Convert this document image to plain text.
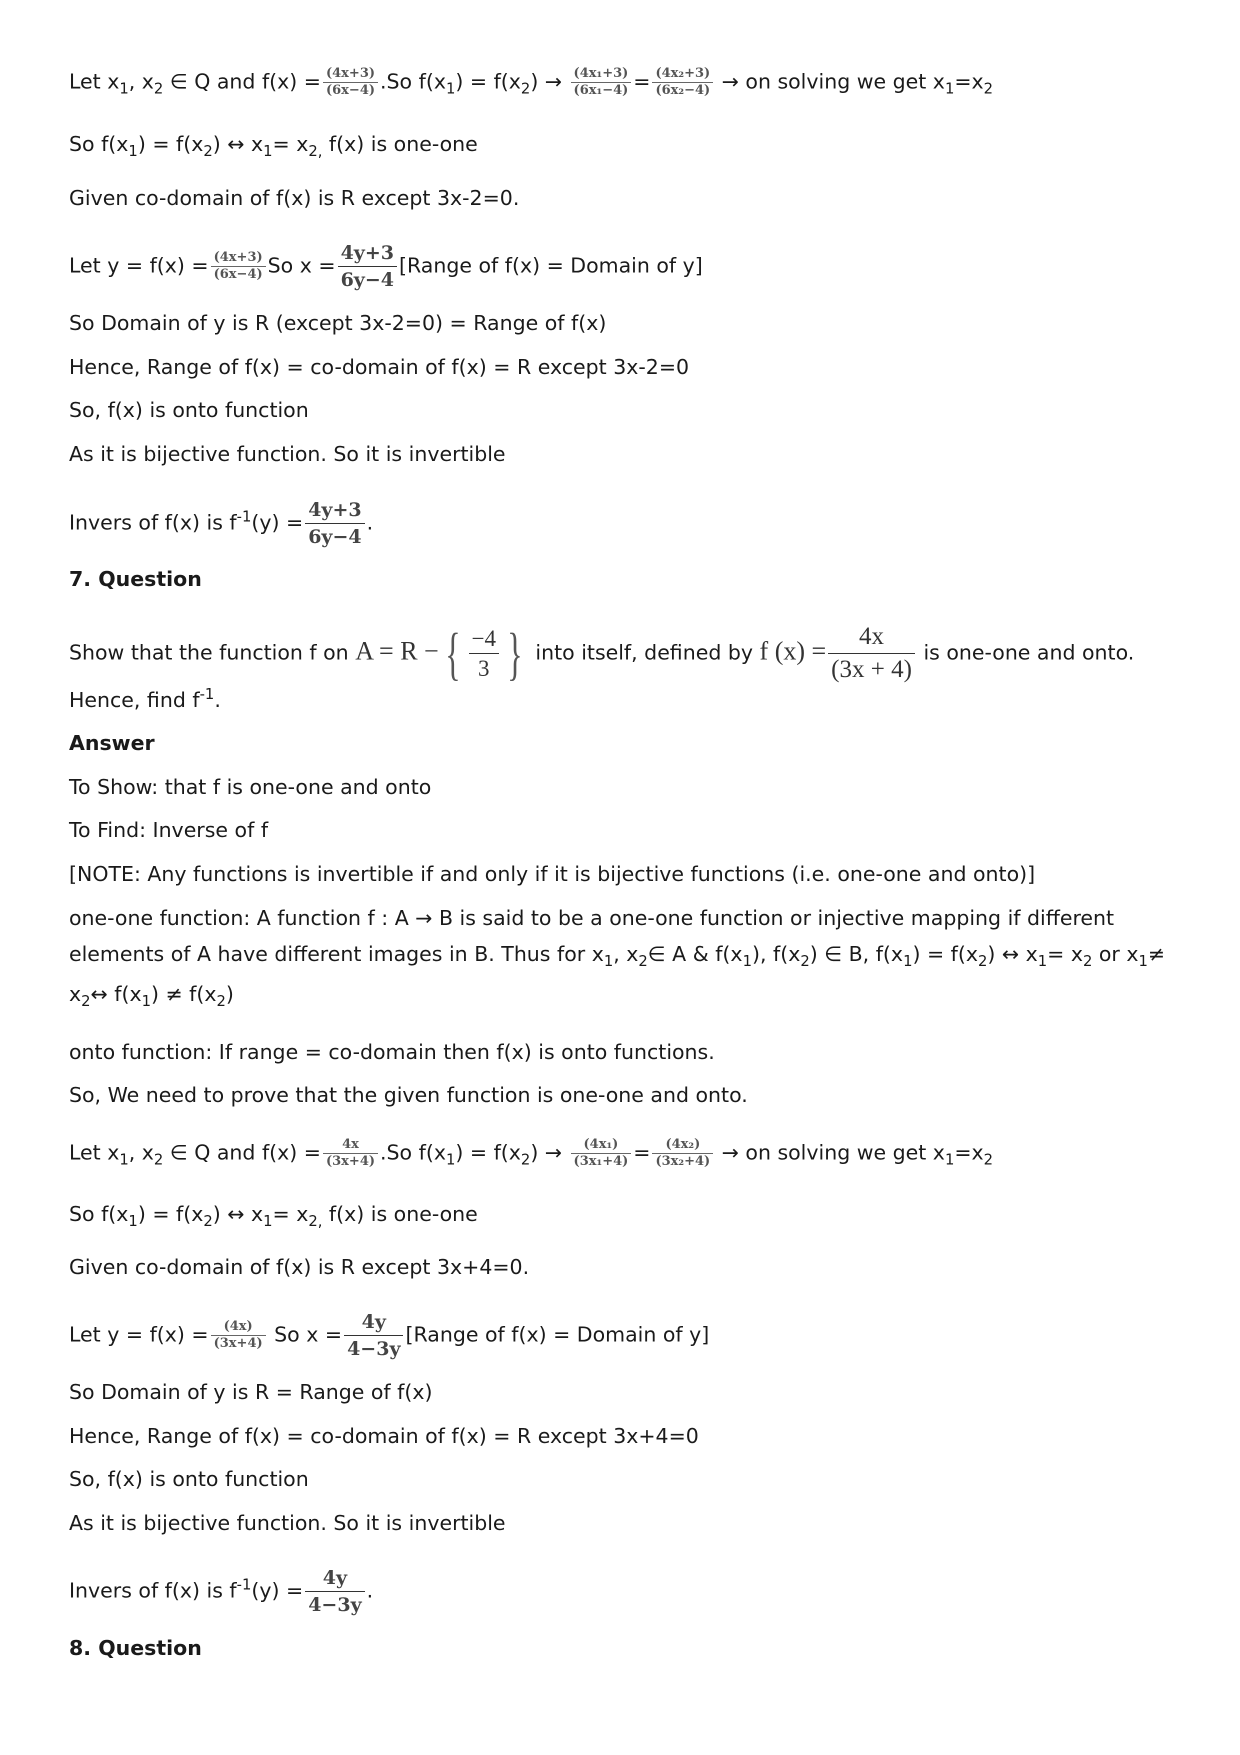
Let $x_1$, $x_2$ ∈ Q and $f(x) = \frac{(4x+3)}{(6x-4)} .So$ $f(x_1) = f(x_2) \to \frac{\text{(4x₁+3)}}{\text{(6x₁−4)}} = \frac{\text{(4x₂+3)}}{\text{(6x₂−4)}}$ → on solving we get $x_1=x_2$
So $f(x_1) = f(x_2)$ ↔ $x_1= x_{2,}$ f(x) is one-one
Given co-domain of f(x) is R except 3x-2=0.
Let $y = f(x) = \frac{(4x+3)}{(6x-4)}$ So $x = \frac{4y+3}{6y-4}$ [Range of f(x) = Domain of y]
So Domain of y is R (except 3x-2=0) = Range of f(x)
Hence, Range of f(x) = co-domain of f(x) = R except 3x-2=0
So, f(x) is onto function
As it is bijective function. So it is invertible
Invers of f(x) is $f^{-1}(y) = \frac{4y+3}{6y-4}$ .
7. Question
Show that the function f on A = R − { $\frac{-4}{3}$ } into itself, defined by f $(x) = \frac{4x}{(3x + 4)}$ is one-one and onto.
Hence, find $f^{-1}$.
Answer
To Show: that f is one-one and onto
To Find: Inverse of f
[NOTE: Any functions is invertible if and only if it is bijective functions (i.e. one-one and onto)]
one-one function: A function f : A → B is said to be a one-one function or injective mapping if different
elements of A have different images in B. Thus for $x_1$, $x_2\in$ A & $f(x_1)$, $f(x_2)$ ∈ B, $f(x_1) = f(x_2)$ ↔ $x_1= x_2$ or $x_1\ne$
$x_2\leftrightarrow$ $f(x_1) \ne f(x_2)$
onto function: If range = co-domain then f(x) is onto functions.
So, We need to prove that the given function is one-one and onto.
Let $x_1$, $x_2$ ∈ Q and $f(x) = \frac{4x}{(3x+4)} .So$ $f(x_1) = f(x_2) \to \frac{\text{(4x₁)}}{\text{(3x₁+4)}} = \frac{\text{(4x₂)}}{\text{(3x₂+4)}}$ → on solving we get $x_1=x_2$
So $f(x_1) = f(x_2)$ ↔ $x_1= x_{2,}$ f(x) is one-one
Given co-domain of f(x) is R except 3x+4=0.
Let $y = f(x) = \frac{(4x)}{(3x+4)}$ So $x = \frac{4y}{4-3y}$ [Range of f(x) = Domain of y]
So Domain of y is R = Range of f(x)
Hence, Range of f(x) = co-domain of f(x) = R except 3x+4=0
So, f(x) is onto function
As it is bijective function. So it is invertible
Invers of f(x) is $f^{-1}(y) = \frac{4y}{4-3y}$ .
8. Question
